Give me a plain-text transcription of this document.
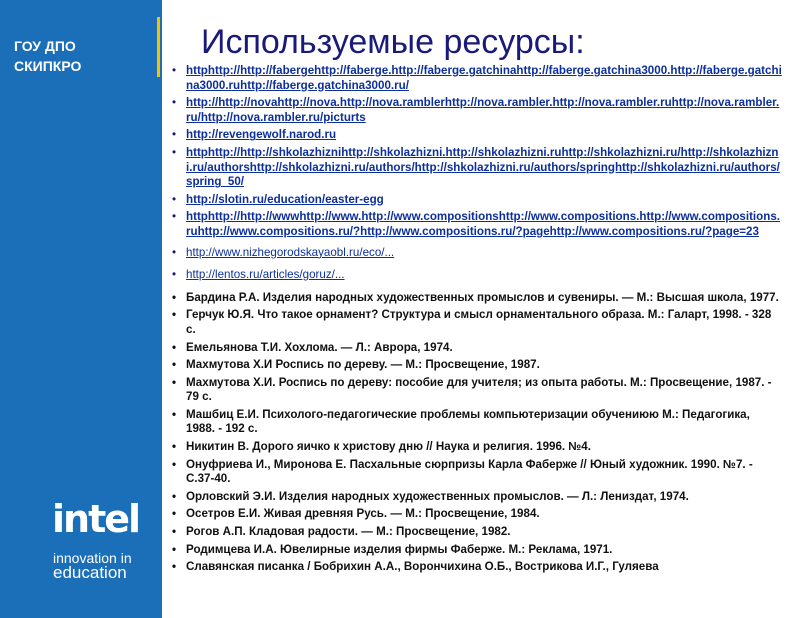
ГОУ ДПО
СКИПКРО
intel
innovation in
education
Используемые ресурсы:
• httphttp://http://fabergehttp://faberge.http://faberge.gatchinahttp://faberge.gatchina3000.http://faberge.gatchina3000.ruhttp://faberge.gatchina3000.ru/
• http://http://novahttp://nova.http://nova.ramblerhttp://nova.rambler.http://nova.rambler.ruhttp://nova.rambler.ru/http://nova.rambler.ru/picturts
• http://revengewolf.narod.ru
• httphttp://http://shkolazhiznihttp://shkolazhizni.http://shkolazhizni.ruhttp://shkolazhizni.ru/http://shkolazhizni.ru/authorshttp://shkolazhizni.ru/authors/http://shkolazhizni.ru/authors/springhttp://shkolazhizni.ru/authors/spring_50/
• http://slotin.ru/education/easter-egg
• httphttp://http://wwwhttp://www.http://www.compositionshttp://www.compositions.http://www.compositions.ruhttp://www.compositions.ru/?http://www.compositions.ru/?pagehttp://www.compositions.ru/?page=23
• http://www.nizhegorodskayaobl.ru/eco/...
• http://lentos.ru/articles/goruz/...
• Бардина Р.А. Изделия народных художественных промыслов и сувениры. — М.: Высшая школа, 1977.
• Герчук Ю.Я. Что такое орнамент? Структура и смысл орнаментального образа. М.: Галарт, 1998. - 328 с.
• Емельянова Т.И. Хохлома. — Л.: Аврора, 1974.
• Махмутова Х.И Роспись по дереву. — М.: Просвещение, 1987.
• Махмутова Х.И. Роспись по дереву: пособие для учителя; из опыта работы. М.: Просвещение, 1987. - 79 с.
• Машбиц Е.И. Психолого-педагогические проблемы компьютеризации обучениюю М.: Педагогика, 1988. - 192 с.
• Никитин В. Дорого яичко к христову дню // Наука и религия. 1996. №4.
• Онуфриева И., Миронова Е. Пасхальные сюрпризы Карла Фаберже // Юный художник. 1990. №7. - С.37-40.
• Орловский Э.И. Изделия народных художественных промыслов. — Л.: Лениздат, 1974.
• Осетров Е.И. Живая древняя Русь. — М.: Просвещение, 1984.
• Рогов А.П. Кладовая радости. — М.: Просвещение, 1982.
• Родимцева И.А. Ювелирные изделия фирмы Фаберже. М.: Реклама, 1971.
• Славянская писанка / Бобрихин А.А., Ворончихина О.Б., Вострикова И.Г., Гуляева
